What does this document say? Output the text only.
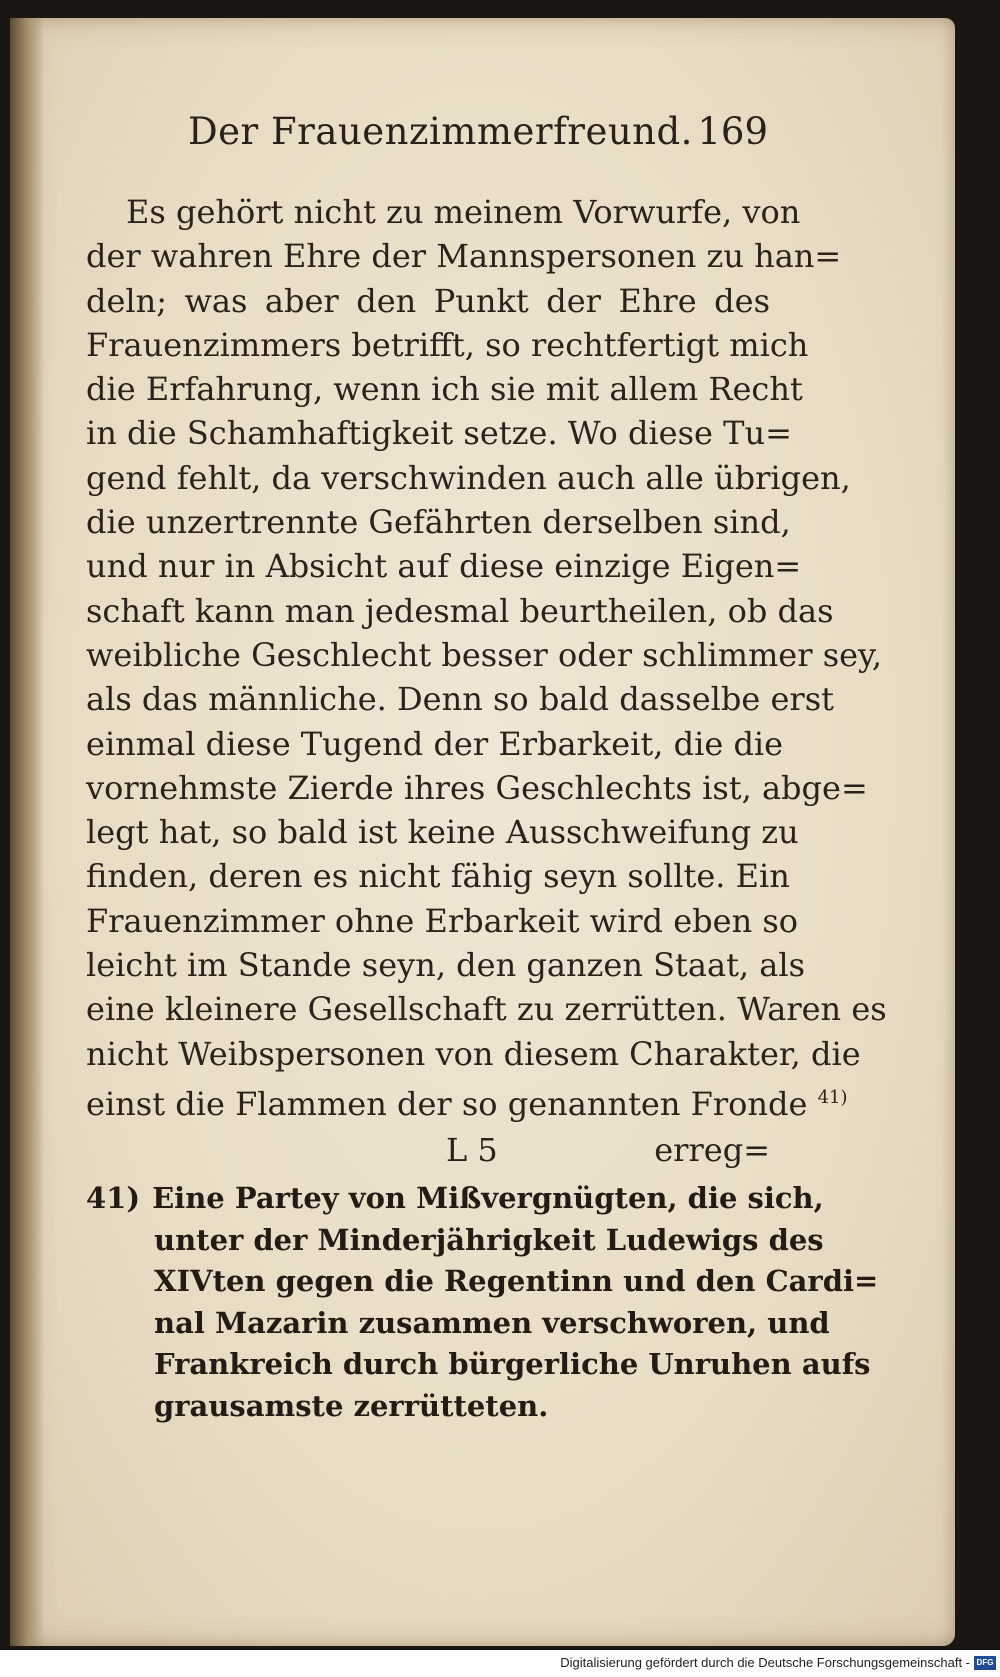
Der Frauenzimmerfreund. 169
Es gehört nicht zu meinem Vorwurfe, von
der wahren Ehre der Mannspersonen zu han=
deln; was aber den Punkt der Ehre des
Frauenzimmers betrifft, so rechtfertigt mich
die Erfahrung, wenn ich sie mit allem Recht
in die Schamhaftigkeit setze. Wo diese Tu=
gend fehlt, da verschwinden auch alle übrigen,
die unzertrennte Gefährten derselben sind,
und nur in Absicht auf diese einzige Eigen=
schaft kann man jedesmal beurtheilen, ob das
weibliche Geschlecht besser oder schlimmer sey,
als das männliche. Denn so bald dasselbe erst
einmal diese Tugend der Erbarkeit, die die
vornehmste Zierde ihres Geschlechts ist, abge=
legt hat, so bald ist keine Ausschweifung zu
finden, deren es nicht fähig seyn sollte. Ein
Frauenzimmer ohne Erbarkeit wird eben so
leicht im Stande seyn, den ganzen Staat, als
eine kleinere Gesellschaft zu zerrütten. Waren es
nicht Weibspersonen von diesem Charakter, die
einst die Flammen der so genannten Fronde $^{41)}$
L 5	erreg=
41) Eine Partey von Mißvergnügten, die sich,
unter der Minderjährigkeit Ludewigs des
XIVten gegen die Regentinn und den Cardi=
nal Mazarin zusammen verschworen, und
Frankreich durch bürgerliche Unruhen aufs
grausamste zerrütteten.
Digitalisierung gefördert durch die Deutsche Forschungsgemeinschaft - DFG
